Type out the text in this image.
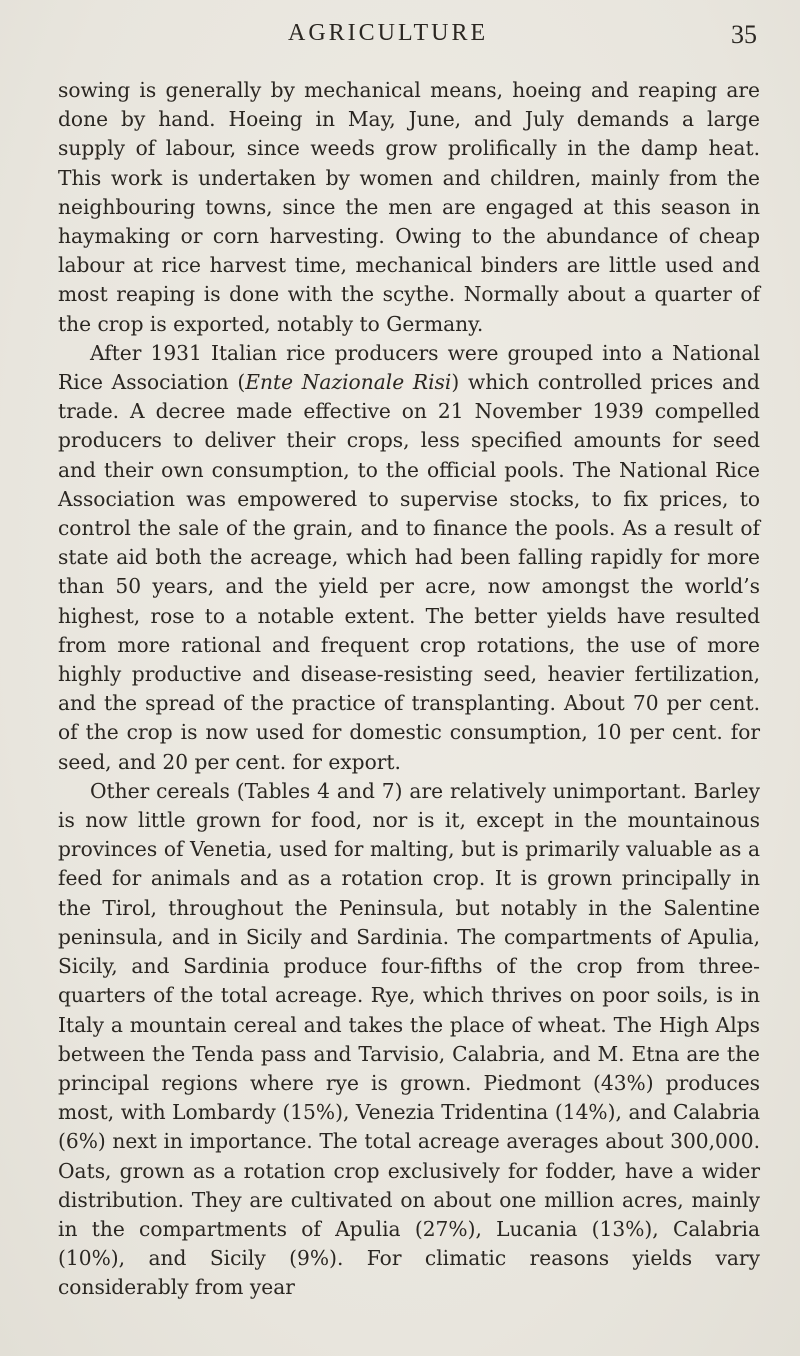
AGRICULTURE	35

sowing is generally by mechanical means, hoeing and reaping are done by hand. Hoeing in May, June, and July demands a large supply of labour, since weeds grow prolifically in the damp heat. This work is undertaken by women and children, mainly from the neighbouring towns, since the men are engaged at this season in haymaking or corn harvesting. Owing to the abundance of cheap labour at rice harvest time, mechanical binders are little used and most reaping is done with the scythe. Normally about a quarter of the crop is exported, notably to Germany.

After 1931 Italian rice producers were grouped into a National Rice Association (Ente Nazionale Risi) which controlled prices and trade. A decree made effective on 21 November 1939 compelled producers to deliver their crops, less specified amounts for seed and their own consumption, to the official pools. The National Rice Association was empowered to supervise stocks, to fix prices, to control the sale of the grain, and to finance the pools. As a result of state aid both the acreage, which had been falling rapidly for more than 50 years, and the yield per acre, now amongst the world’s highest, rose to a notable extent. The better yields have resulted from more rational and frequent crop rotations, the use of more highly productive and disease-resisting seed, heavier fertilization, and the spread of the practice of transplanting. About 70 per cent. of the crop is now used for domestic consumption, 10 per cent. for seed, and 20 per cent. for export.

Other cereals (Tables 4 and 7) are relatively unimportant. Barley is now little grown for food, nor is it, except in the mountainous provinces of Venetia, used for malting, but is primarily valuable as a feed for animals and as a rotation crop. It is grown principally in the Tirol, throughout the Peninsula, but notably in the Salentine peninsula, and in Sicily and Sardinia. The compartments of Apulia, Sicily, and Sardinia produce four-fifths of the crop from three-quarters of the total acreage. Rye, which thrives on poor soils, is in Italy a mountain cereal and takes the place of wheat. The High Alps between the Tenda pass and Tarvisio, Calabria, and M. Etna are the principal regions where rye is grown. Piedmont (43%) produces most, with Lombardy (15%), Venezia Tridentina (14%), and Calabria (6%) next in importance. The total acreage averages about 300,000. Oats, grown as a rotation crop exclusively for fodder, have a wider distribution. They are cultivated on about one million acres, mainly in the compartments of Apulia (27%), Lucania (13%), Calabria (10%), and Sicily (9%). For climatic reasons yields vary considerably from year
